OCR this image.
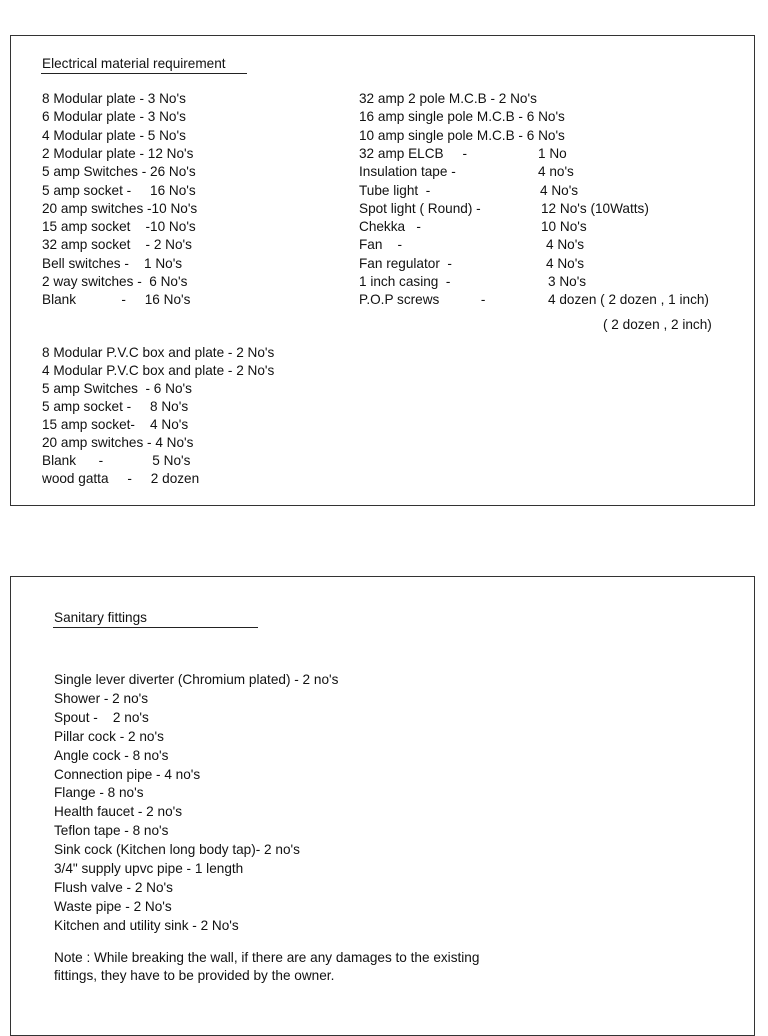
Electrical material requirement
8 Modular plate - 3 No's
6 Modular plate - 3 No's
4 Modular plate - 5 No's
2 Modular plate - 12 No's
5 amp Switches - 26 No's
5 amp socket -     16 No's
20 amp switches -10 No's
15 amp socket    -10 No's
32 amp socket    - 2 No's
Bell switches -    1 No's
2 way switches -  6 No's
Blank            -     16 No's
32 amp 2 pole M.C.B - 2 No's
16 amp single pole M.C.B - 6 No's
10 amp single pole M.C.B - 6 No's
32 amp ELCB     -	1 No
Insulation tape -	4 no's
Tube light  -	4 No's
Spot light ( Round) -	12 No's (10Watts)
Chekka   -	10 No's
Fan    -	4 No's
Fan regulator  -	4 No's
1 inch casing  -	3 No's
P.O.P screws           -	4 dozen ( 2 dozen , 1 inch)
( 2 dozen , 2 inch)
8 Modular P.V.C box and plate - 2 No's
4 Modular P.V.C box and plate - 2 No's
5 amp Switches  - 6 No's
5 amp socket -     8 No's
15 amp socket-    4 No's
20 amp switches - 4 No's
Blank      -             5 No's
wood gatta     -     2 dozen
Sanitary fittings
Single lever diverter (Chromium plated) - 2 no's
Shower - 2 no's
Spout -    2 no's
Pillar cock - 2 no's
Angle cock - 8 no's
Connection pipe - 4 no's
Flange - 8 no's
Health faucet - 2 no's
Teflon tape - 8 no's
Sink cock (Kitchen long body tap)- 2 no's
3/4" supply upvc pipe - 1 length
Flush valve - 2 No's
Waste pipe - 2 No's
Kitchen and utility sink - 2 No's
Note : While breaking the wall, if there are any damages to the existing
fittings, they have to be provided by the owner.
